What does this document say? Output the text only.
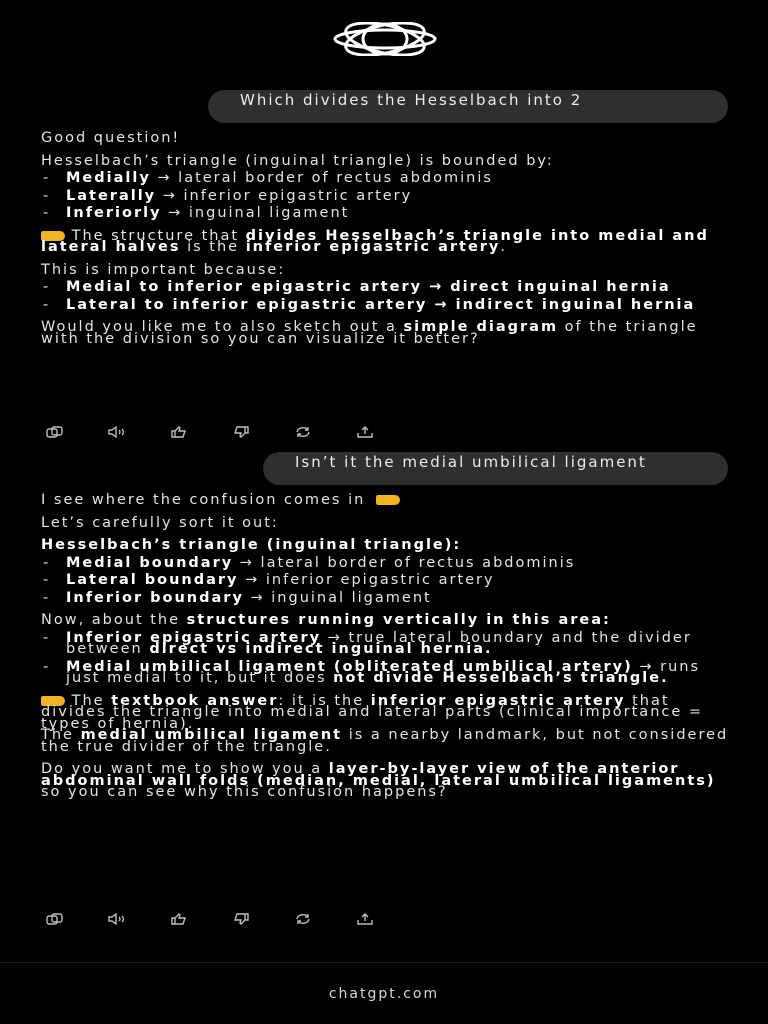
Which divides the Hesselbach into 2

Good question!

Hesselbach’s triangle (inguinal triangle) is bounded by:

- Medially → lateral border of rectus abdominis

- Laterally → inferior epigastric artery

- Inferiorly → inguinal ligament

The structure that divides Hesselbach’s triangle into medial and lateral halves is the inferior epigastric artery.

This is important because:

- Medial to inferior epigastric artery → direct inguinal hernia

- Lateral to inferior epigastric artery → indirect inguinal hernia

Would you like me to also sketch out a simple diagram of the triangle with the division so you can visualize it better?

Isn’t it the medial umbilical ligament

I see where the confusion comes in

Let’s carefully sort it out:

Hesselbach’s triangle (inguinal triangle):

- Medial boundary → lateral border of rectus abdominis

- Lateral boundary → inferior epigastric artery

- Inferior boundary → inguinal ligament

Now, about the structures running vertically in this area:

- Inferior epigastric artery → true lateral boundary and the divider between direct vs indirect inguinal hernia.

- Medial umbilical ligament (obliterated umbilical artery) → runs just medial to it, but it does not divide Hesselbach’s triangle.

The textbook answer: it is the inferior epigastric artery that divides the triangle into medial and lateral parts (clinical importance = types of hernia).

The medial umbilical ligament is a nearby landmark, but not considered the true divider of the triangle.

Do you want me to show you a layer-by-layer view of the anterior abdominal wall folds (median, medial, lateral umbilical ligaments) so you can see why this confusion happens?

chatgpt.com
